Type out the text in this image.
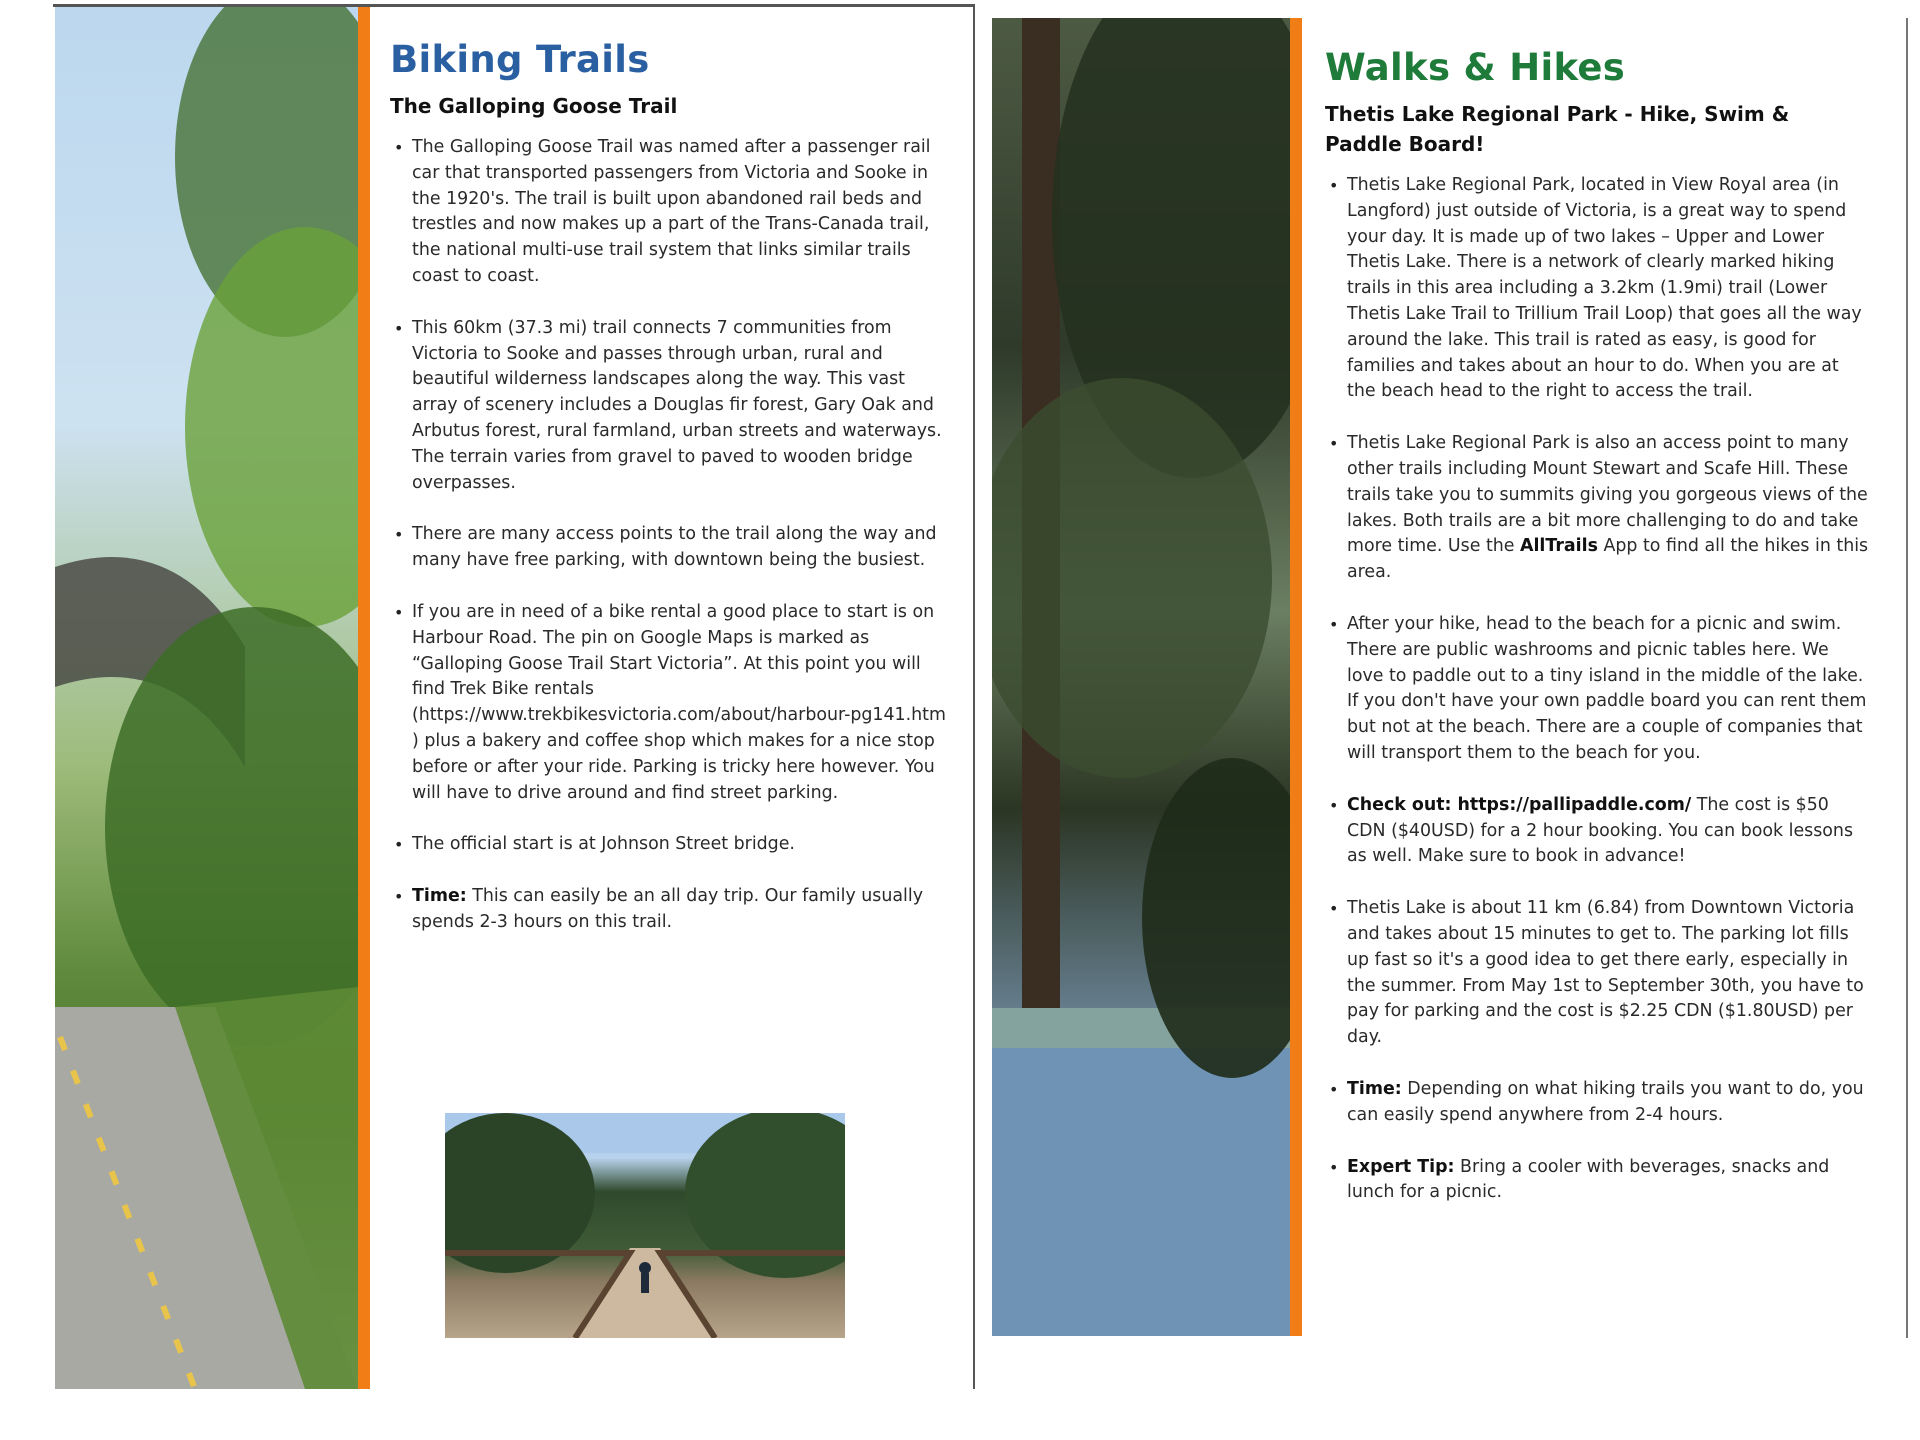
Biking Trails
The Galloping Goose Trail
• The Galloping Goose Trail was named after a passenger rail car that transported passengers from Victoria and Sooke in the 1920's. The trail is built upon abandoned rail beds and trestles and now makes up a part of the Trans-Canada trail, the national multi-use trail system that links similar trails coast to coast.
• This 60km (37.3 mi) trail connects 7 communities from Victoria to Sooke and passes through urban, rural and beautiful wilderness landscapes along the way. This vast array of scenery includes a Douglas fir forest, Gary Oak and Arbutus forest, rural farmland, urban streets and waterways. The terrain varies from gravel to paved to wooden bridge overpasses.
• There are many access points to the trail along the way and many have free parking, with downtown being the busiest.
• If you are in need of a bike rental a good place to start is on Harbour Road. The pin on Google Maps is marked as “Galloping Goose Trail Start Victoria”. At this point you will find Trek Bike rentals (https://www.trekbikesvictoria.com/about/harbour-pg141.htm ) plus a bakery and coffee shop which makes for a nice stop before or after your ride. Parking is tricky here however. You will have to drive around and find street parking.
• The official start is at Johnson Street bridge.
• Time: This can easily be an all day trip. Our family usually spends 2-3 hours on this trail.
Walks & Hikes
Thetis Lake Regional Park - Hike, Swim & Paddle Board!
• Thetis Lake Regional Park, located in View Royal area (in Langford) just outside of Victoria, is a great way to spend your day. It is made up of two lakes – Upper and Lower Thetis Lake. There is a network of clearly marked hiking trails in this area including a 3.2km (1.9mi) trail (Lower Thetis Lake Trail to Trillium Trail Loop) that goes all the way around the lake. This trail is rated as easy, is good for families and takes about an hour to do. When you are at the beach head to the right to access the trail.
• Thetis Lake Regional Park is also an access point to many other trails including Mount Stewart and Scafe Hill. These trails take you to summits giving you gorgeous views of the lakes. Both trails are a bit more challenging to do and take more time. Use the AllTrails App to find all the hikes in this area.
• After your hike, head to the beach for a picnic and swim. There are public washrooms and picnic tables here. We love to paddle out to a tiny island in the middle of the lake. If you don't have your own paddle board you can rent them but not at the beach. There are a couple of companies that will transport them to the beach for you.
• Check out: https://pallipaddle.com/ The cost is $50 CDN ($40USD) for a 2 hour booking. You can book lessons as well. Make sure to book in advance!
• Thetis Lake is about 11 km (6.84) from Downtown Victoria and takes about 15 minutes to get to. The parking lot fills up fast so it's a good idea to get there early, especially in the summer. From May 1st to September 30th, you have to pay for parking and the cost is $2.25 CDN ($1.80USD) per day.
• Time: Depending on what hiking trails you want to do, you can easily spend anywhere from 2-4 hours.
• Expert Tip: Bring a cooler with beverages, snacks and lunch for a picnic.
